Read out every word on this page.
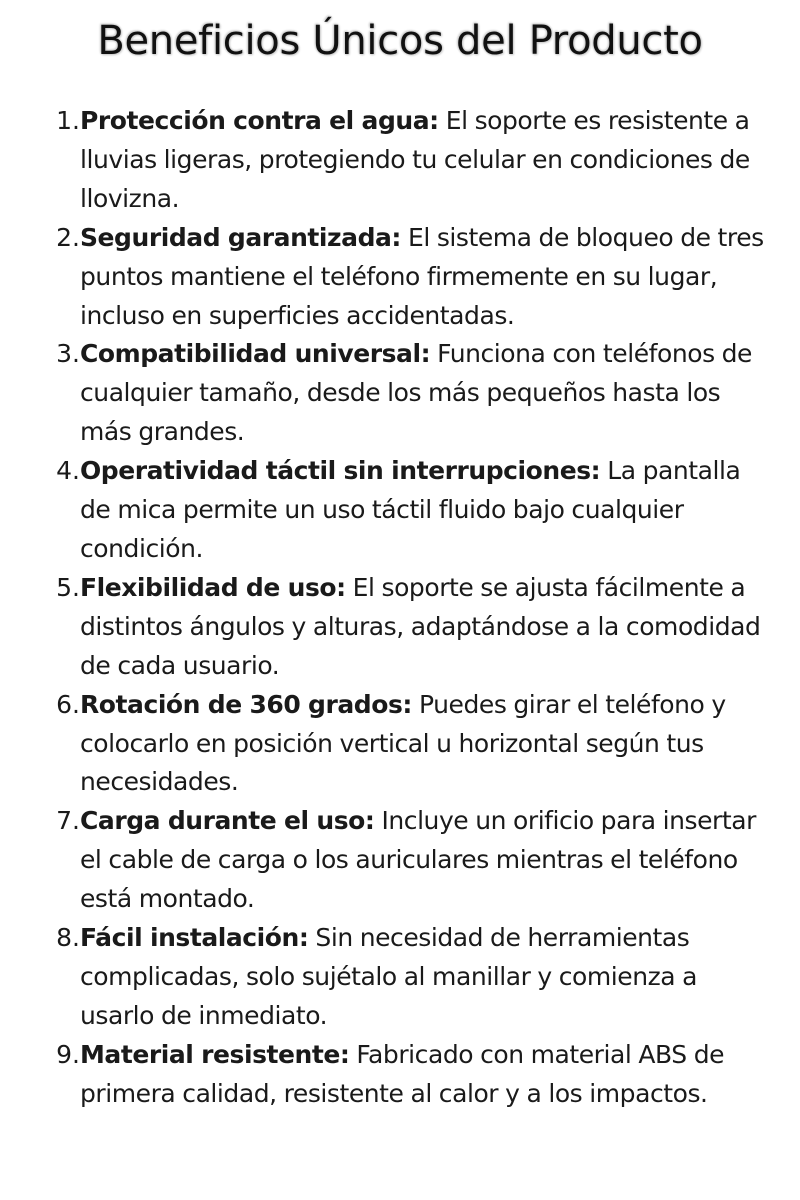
Beneficios Únicos del Producto
1. Protección contra el agua: El soporte es resistente a lluvias ligeras, protegiendo tu celular en condiciones de llovizna.
2. Seguridad garantizada: El sistema de bloqueo de tres puntos mantiene el teléfono firmemente en su lugar, incluso en superficies accidentadas.
3. Compatibilidad universal: Funciona con teléfonos de cualquier tamaño, desde los más pequeños hasta los más grandes.
4. Operatividad táctil sin interrupciones: La pantalla de mica permite un uso táctil fluido bajo cualquier condición.
5. Flexibilidad de uso: El soporte se ajusta fácilmente a distintos ángulos y alturas, adaptándose a la comodidad de cada usuario.
6. Rotación de 360 grados: Puedes girar el teléfono y colocarlo en posición vertical u horizontal según tus necesidades.
7. Carga durante el uso: Incluye un orificio para insertar el cable de carga o los auriculares mientras el teléfono está montado.
8. Fácil instalación: Sin necesidad de herramientas complicadas, solo sujétalo al manillar y comienza a usarlo de inmediato.
9. Material resistente: Fabricado con material ABS de primera calidad, resistente al calor y a los impactos.
